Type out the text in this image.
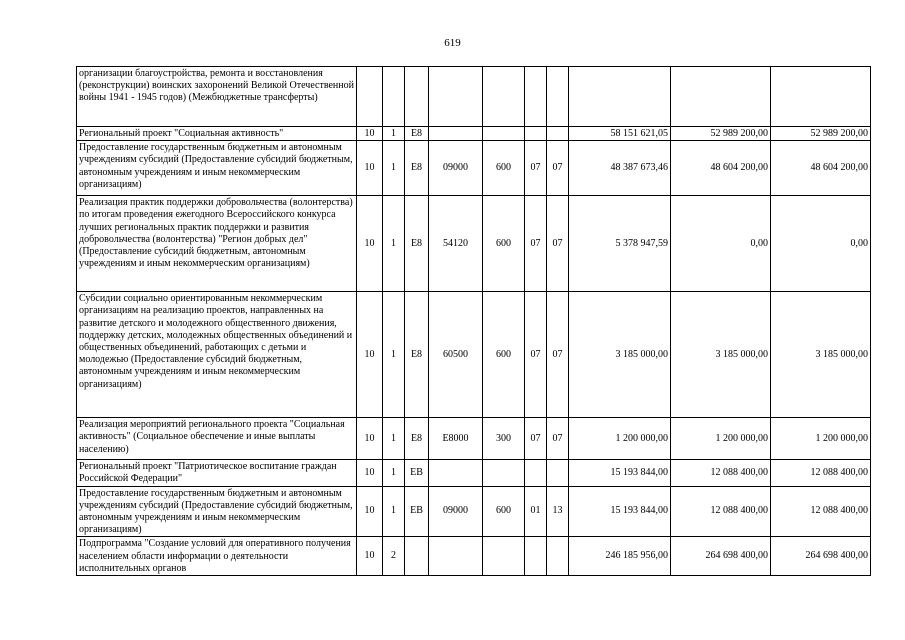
619
организации благоустройства, ремонта и восстановления (реконструкции) воинских захоронений Великой Отечественной войны 1941 - 1945 годов) (Межбюджетные трансферты)										
Региональный проект "Социальная активность"	10	1	E8					58 151 621,05	52 989 200,00	52 989 200,00
Предоставление государственным бюджетным и автономным учреждениям субсидий (Предоставление субсидий бюджетным, автономным учреждениям и иным некоммерческим организациям)	10	1	E8	09000	600	07	07	48 387 673,46	48 604 200,00	48 604 200,00
Реализация практик поддержки добровольчества (волонтерства) по итогам проведения ежегодного Всероссийского конкурса лучших региональных практик поддержки и развития добровольчества (волонтерства) "Регион добрых дел" (Предоставление субсидий бюджетным, автономным учреждениям и иным некоммерческим организациям)	10	1	E8	54120	600	07	07	5 378 947,59	0,00	0,00
Субсидии социально ориентированным некоммерческим организациям на реализацию проектов, направленных на развитие детского и молодежного общественного движения, поддержку детских, молодежных общественных объединений и общественных объединений, работающих с детьми и молодежью (Предоставление субсидий бюджетным, автономным учреждениям и иным некоммерческим организациям)	10	1	E8	60500	600	07	07	3 185 000,00	3 185 000,00	3 185 000,00
Реализация мероприятий регионального проекта "Социальная активность" (Социальное обеспечение и иные выплаты населению)	10	1	E8	E8000	300	07	07	1 200 000,00	1 200 000,00	1 200 000,00
Региональный проект "Патриотическое воспитание граждан Российской Федерации"	10	1	EB					15 193 844,00	12 088 400,00	12 088 400,00
Предоставление государственным бюджетным и автономным учреждениям субсидий (Предоставление субсидий бюджетным, автономным учреждениям и иным некоммерческим организациям)	10	1	EB	09000	600	01	13	15 193 844,00	12 088 400,00	12 088 400,00
Подпрограмма "Создание условий для оперативного получения населением области информации о деятельности исполнительных органов	10	2						246 185 956,00	264 698 400,00	264 698 400,00
